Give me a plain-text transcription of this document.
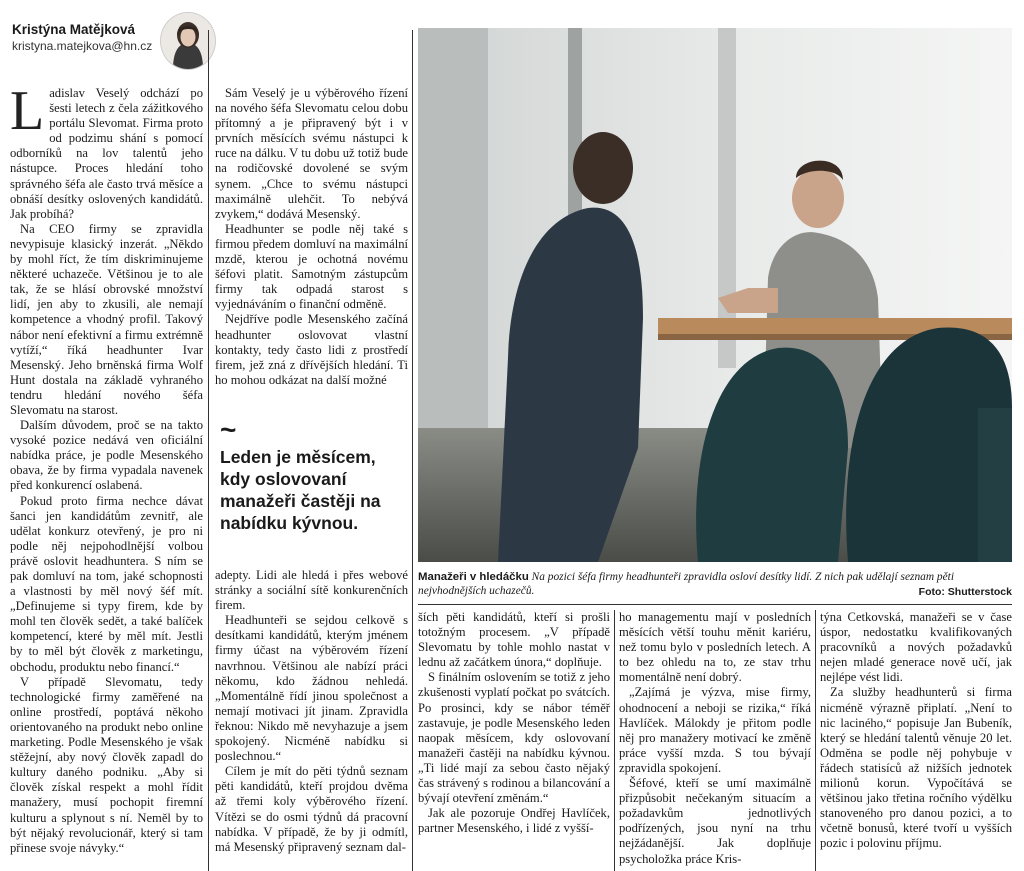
Kristýna Matějková
kristyna.matejkova@hn.cz

Ladislav Veselý odchází po šesti letech z čela zážitkového portálu Slevomat. Firma proto od podzimu shání s pomocí odborníků na lov talentů jeho nástupce. Proces hledání toho správného šéfa ale často trvá měsíce a obnáší desítky oslovených kandidátů. Jak probíhá?

Na CEO firmy se zpravidla nevypisuje klasický inzerát. „Někdo by mohl říct, že tím diskriminujeme některé uchazeče. Většinou je to ale tak, že se hlásí obrovské množství lidí, jen aby to zkusili, ale nemají kompetence a vhodný profil. Takový nábor není efektivní a firmu extrémně vytíží,“ říká headhunter Ivar Mesenský. Jeho brněnská firma Wolf Hunt dostala na základě vyhraného tendru hledání nového šéfa Slevomatu na starost.

Dalším důvodem, proč se na takto vysoké pozice nedává ven oficiální nabídka práce, je podle Mesenského obava, že by firma vypadala navenek před konkurencí oslabená.

Pokud proto firma nechce dávat šanci jen kandidátům zevnitř, ale udělat konkurz otevřený, je pro ni podle něj nejpohodlnější volbou právě oslovit headhuntera. S ním se pak domluví na tom, jaké schopnosti a vlastnosti by měl nový šéf mít. „Definujeme si typy firem, kde by mohl ten člověk sedět, a také balíček kompetencí, které by měl mít. Jestli by to měl být člověk z marketingu, obchodu, produktu nebo financí.“

V případě Slevomatu, tedy technologické firmy zaměřené na online prostředí, poptává někoho orientovaného na produkt nebo online marketing. Podle Mesenského je však stěžejní, aby nový člověk zapadl do kultury daného podniku. „Aby si člověk získal respekt a mohl řídit manažery, musí pochopit firemní kulturu a splynout s ní. Neměl by to být nějaký revolucionář, který si tam přinese svoje návyky.“

Sám Veselý je u výběrového řízení na nového šéfa Slevomatu celou dobu přítomný a je připravený být i v prvních měsících svému nástupci k ruce na dálku. V tu dobu už totiž bude na rodičovské dovolené se svým synem. „Chce to svému nástupci maximálně ulehčit. To nebývá zvykem,“ dodává Mesenský.

Headhunter se podle něj také s firmou předem domluví na maximální mzdě, kterou je ochotná novému šéfovi platit. Samotným zástupcům firmy tak odpadá starost s vyjednáváním o finanční odměně.

Nejdříve podle Mesenského začíná headhunter oslovovat vlastní kontakty, tedy často lidi z prostředí firem, jež zná z dřívějších hledání. Ti ho mohou odkázat na další možné

~
Leden je měsícem, kdy oslovovaní manažeři častěji na nabídku kývnou.

adepty. Lidi ale hledá i přes webové stránky a sociální sítě konkurenčních firem.

Headhunteři se sejdou celkově s desítkami kandidátů, kterým jménem firmy účast na výběrovém řízení navrhnou. Většinou ale nabízí práci někomu, kdo žádnou nehledá. „Momentálně řídí jinou společnost a nemají motivaci jít jinam. Zpravidla řeknou: Nikdo mě nevyhazuje a jsem spokojený. Nicméně nabídku si poslechnou.“

Cílem je mít do pěti týdnů seznam pěti kandidátů, kteří projdou dvěma až třemi koly výběrového řízení. Vítězi se do osmi týdnů dá pracovní nabídka. V případě, že by ji odmítl, má Mesenský připravený seznam dal-

Manažeři v hledáčku Na pozici šéfa firmy headhunteři zpravidla osloví desítky lidí. Z nich pak udělají seznam pěti nejvhodnějších uchazečů.	Foto: Shutterstock

ších pěti kandidátů, kteří si prošli totožným procesem. „V případě Slevomatu by tohle mohlo nastat v lednu až začátkem února,“ doplňuje.

S finálním oslovením se totiž z jeho zkušenosti vyplatí počkat po svátcích. Po prosinci, kdy se nábor téměř zastavuje, je podle Mesenského leden naopak měsícem, kdy oslovovaní manažeři častěji na nabídku kývnou. „Ti lidé mají za sebou často nějaký čas strávený s rodinou a bilancování a bývají otevření změnám.“

Jak ale pozoruje Ondřej Havlíček, partner Mesenského, i lidé z vyšší-

ho managementu mají v posledních měsících větší touhu měnit kariéru, než tomu bylo v posledních letech. A to bez ohledu na to, ze stav trhu momentálně není dobrý.

„Zajímá je výzva, mise firmy, ohodnocení a neboji se rizika,“ říká Havlíček. Málokdy je přitom podle něj pro manažery motivací ke změně práce vyšší mzda. S tou bývají zpravidla spokojení.

Šéfové, kteří se umí maximálně přizpůsobit nečekaným situacím a požadavkům jednotlivých podřízených, jsou nyní na trhu nejžádanější. Jak doplňuje psycholožka práce Kris-

týna Cetkovská, manažeři se v čase úspor, nedostatku kvalifikovaných pracovníků a nových požadavků nejen mladé generace nově učí, jak nejlépe vést lidi.

Za služby headhunterů si firma nicméně výrazně připlatí. „Není to nic laciného,“ popisuje Jan Bubeník, který se hledání talentů věnuje 20 let. Odměna se podle něj pohybuje v řádech statisíců až nižších jednotek milionů korun. Vypočítává se většinou jako třetina ročního výdělku stanoveného pro danou pozici, a to včetně bonusů, které tvoří u vyšších pozic i polovinu příjmu.
